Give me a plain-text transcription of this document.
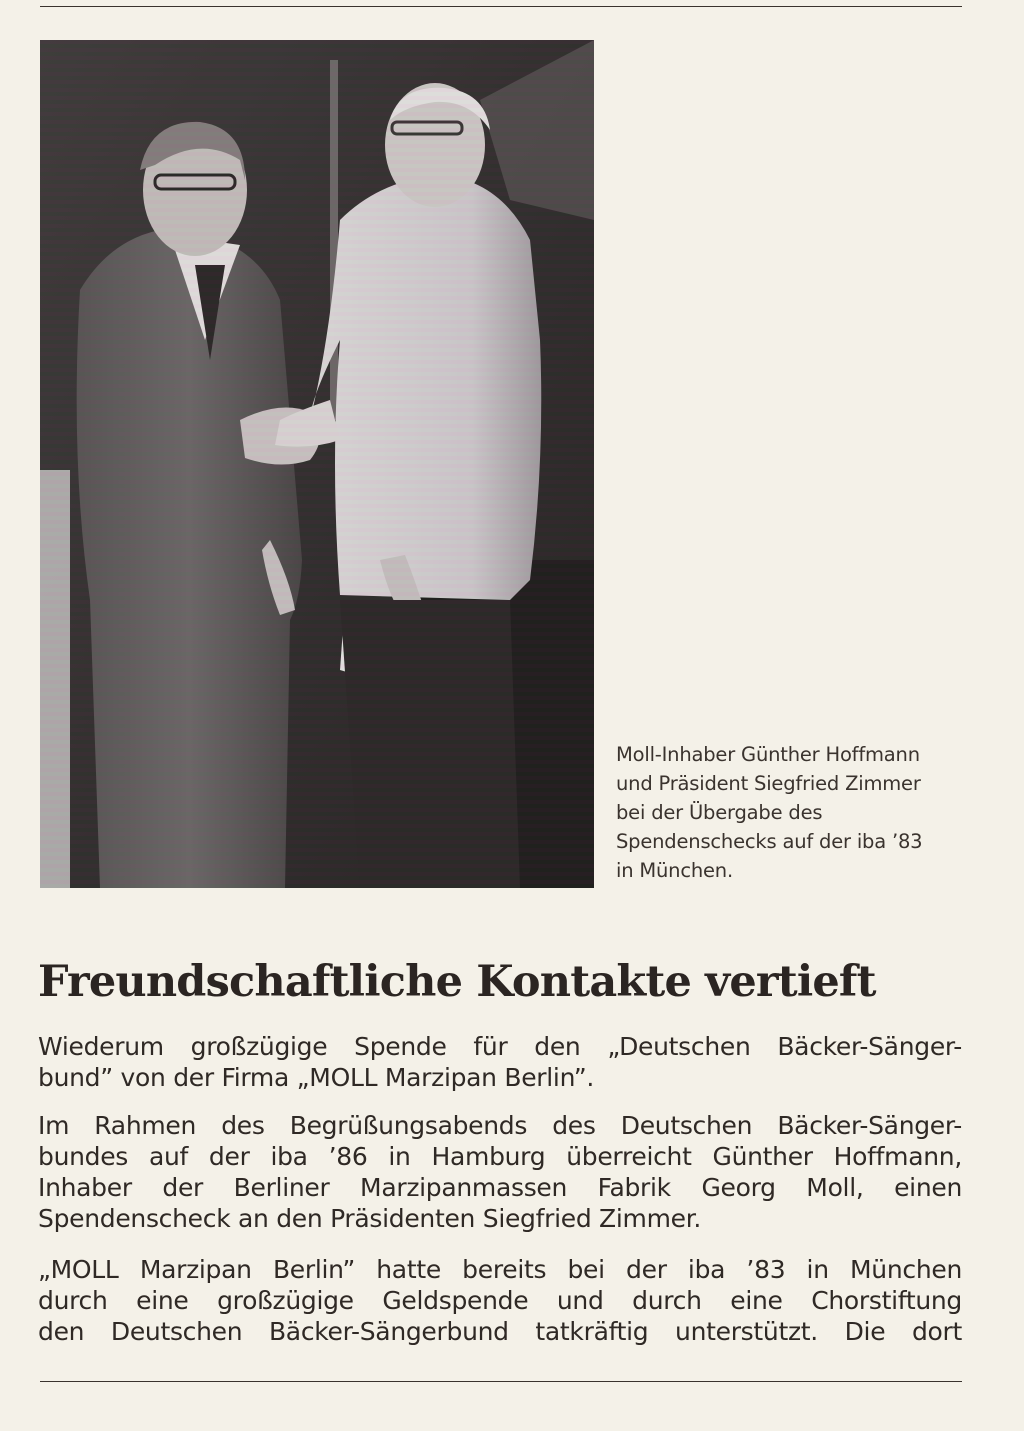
Moll-Inhaber Günther Hoffmann
und Präsident Siegfried Zimmer
bei der Übergabe des
Spendenschecks auf der iba ’83
in München.
Freundschaftliche Kontakte vertieft
Wiederum großzügige Spende für den „Deutschen Bäcker-Sänger-
bund” von der Firma „MOLL Marzipan Berlin”.
Im Rahmen des Begrüßungsabends des Deutschen Bäcker-Sänger-
bundes auf der iba ’86 in Hamburg überreicht Günther Hoffmann,
Inhaber der Berliner Marzipanmassen Fabrik Georg Moll, einen
Spendenscheck an den Präsidenten Siegfried Zimmer.
„MOLL Marzipan Berlin” hatte bereits bei der iba ’83 in München
durch eine großzügige Geldspende und durch eine Chorstiftung
den Deutschen Bäcker-Sängerbund tatkräftig unterstützt. Die dort
